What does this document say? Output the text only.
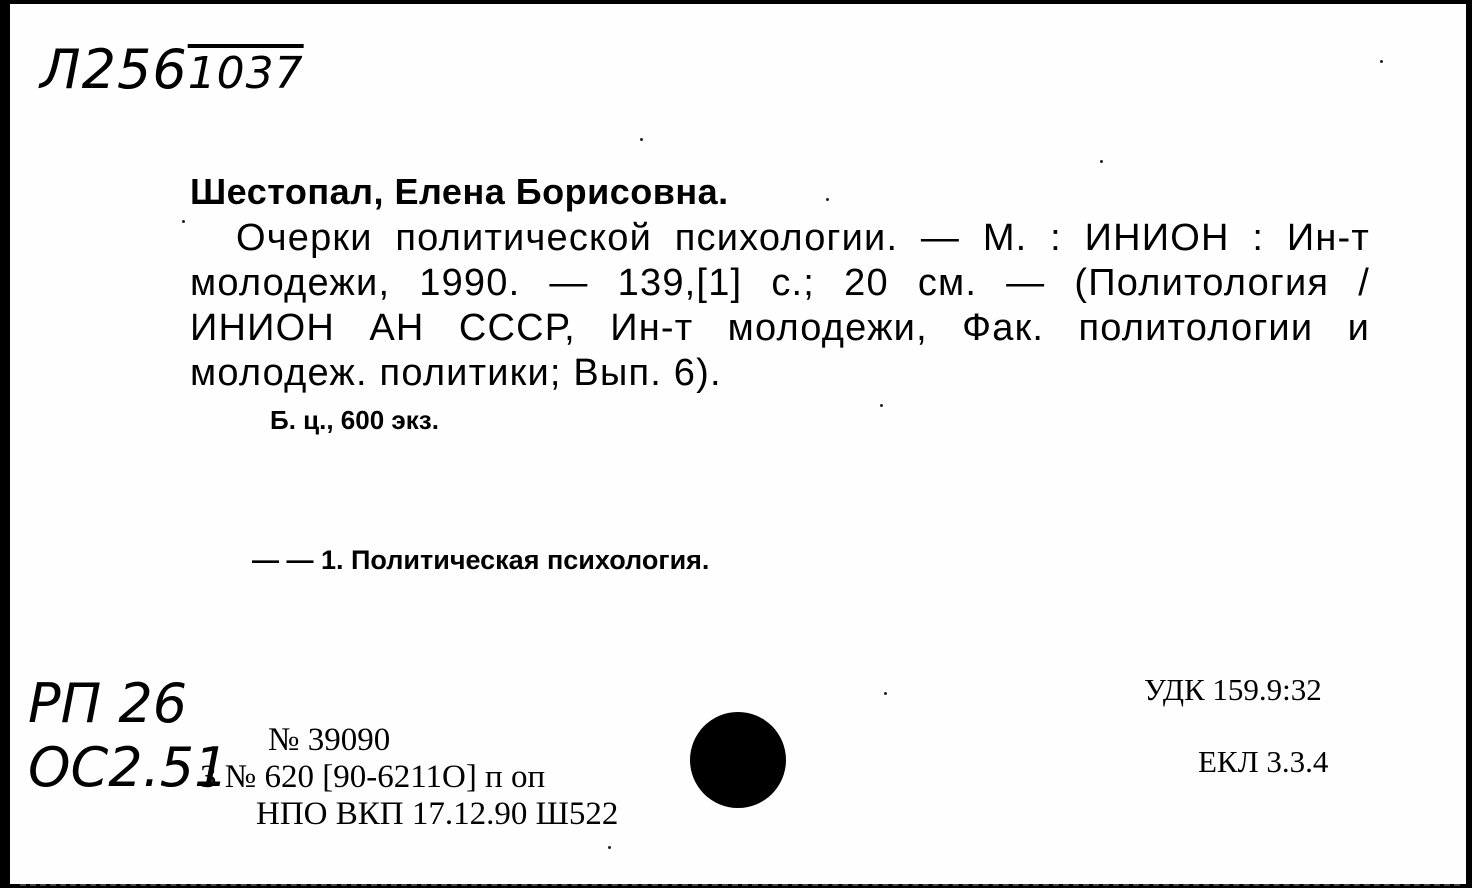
Л2561037
Шестопал, Елена Борисовна.

Очерки политической психологии. — М. : ИНИОН : Ин-т молодежи, 1990. — 139,[1] с.; 20 см. — (Политология / ИНИОН АН СССР, Ин-т молодежи, Фак. политологии и молодеж. политики; Вып. 6).

Б. ц., 600 экз.
— — 1. Политическая психология.
РП 26
ОС2.51 № 39090
3 № 620 [90-6211О] п оп
НПО ВКП 17.12.90 Ш522
УДК 159.9:32
ЕКЛ 3.3.4
